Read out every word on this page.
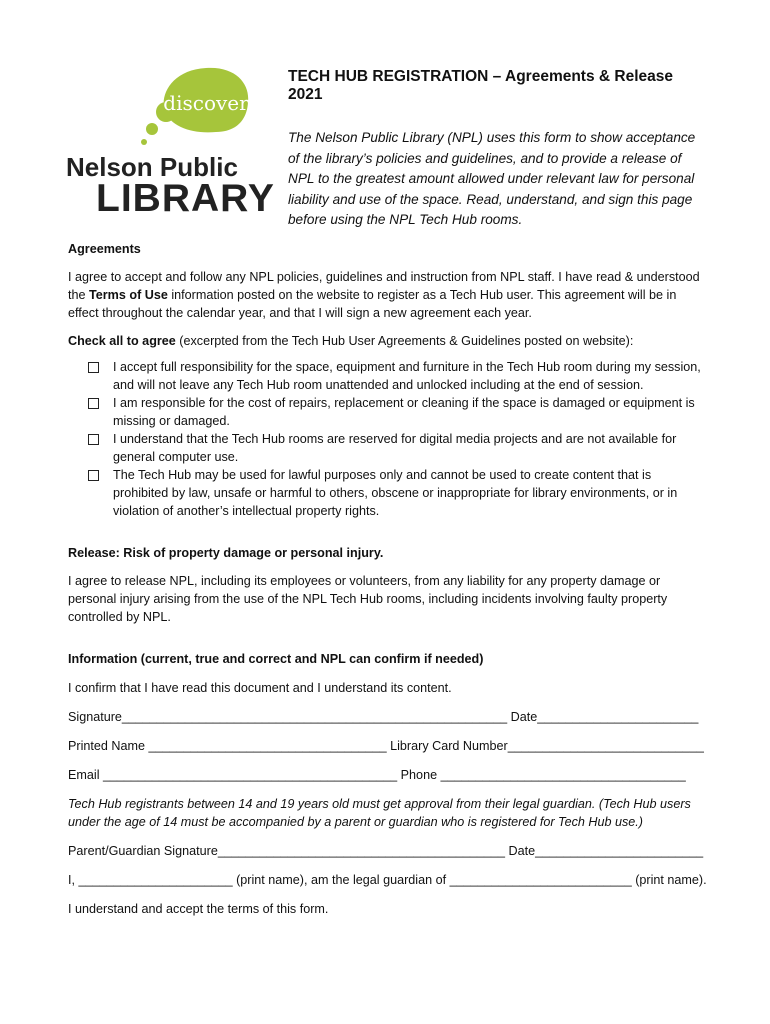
discover
Nelson Public
LIBRARY

TECH HUB REGISTRATION – Agreements & Release 2021

The Nelson Public Library (NPL) uses this form to show acceptance of the library’s policies and guidelines, and to provide a release of NPL to the greatest amount allowed under relevant law for personal liability and use of the space. Read, understand, and sign this page before using the NPL Tech Hub rooms.

Agreements

I agree to accept and follow any NPL policies, guidelines and instruction from NPL staff. I have read & understood the Terms of Use information posted on the website to register as a Tech Hub user. This agreement will be in effect throughout the calendar year, and that I will sign a new agreement each year.

Check all to agree (excerpted from the Tech Hub User Agreements & Guidelines posted on website):

I accept full responsibility for the space, equipment and furniture in the Tech Hub room during my session, and will not leave any Tech Hub room unattended and unlocked including at the end of session.
I am responsible for the cost of repairs, replacement or cleaning if the space is damaged or equipment is missing or damaged.
I understand that the Tech Hub rooms are reserved for digital media projects and are not available for general computer use.
The Tech Hub may be used for lawful purposes only and cannot be used to create content that is prohibited by law, unsafe or harmful to others, obscene or inappropriate for library environments, or in violation of another’s intellectual property rights.

Release: Risk of property damage or personal injury.

I agree to release NPL, including its employees or volunteers, from any liability for any property damage or personal injury arising from the use of the NPL Tech Hub rooms, including incidents involving faulty property controlled by NPL.

Information (current, true and correct and NPL can confirm if needed)

I confirm that I have read this document and I understand its content.

Signature_______________________________________________________ Date_______________________

Printed Name __________________________________ Library Card Number____________________________

Email __________________________________________ Phone ___________________________________

Tech Hub registrants between 14 and 19 years old must get approval from their legal guardian. (Tech Hub users under the age of 14 must be accompanied by a parent or guardian who is registered for Tech Hub use.)

Parent/Guardian Signature_________________________________________ Date________________________

I, ______________________ (print name), am the legal guardian of __________________________ (print name).

I understand and accept the terms of this form.
